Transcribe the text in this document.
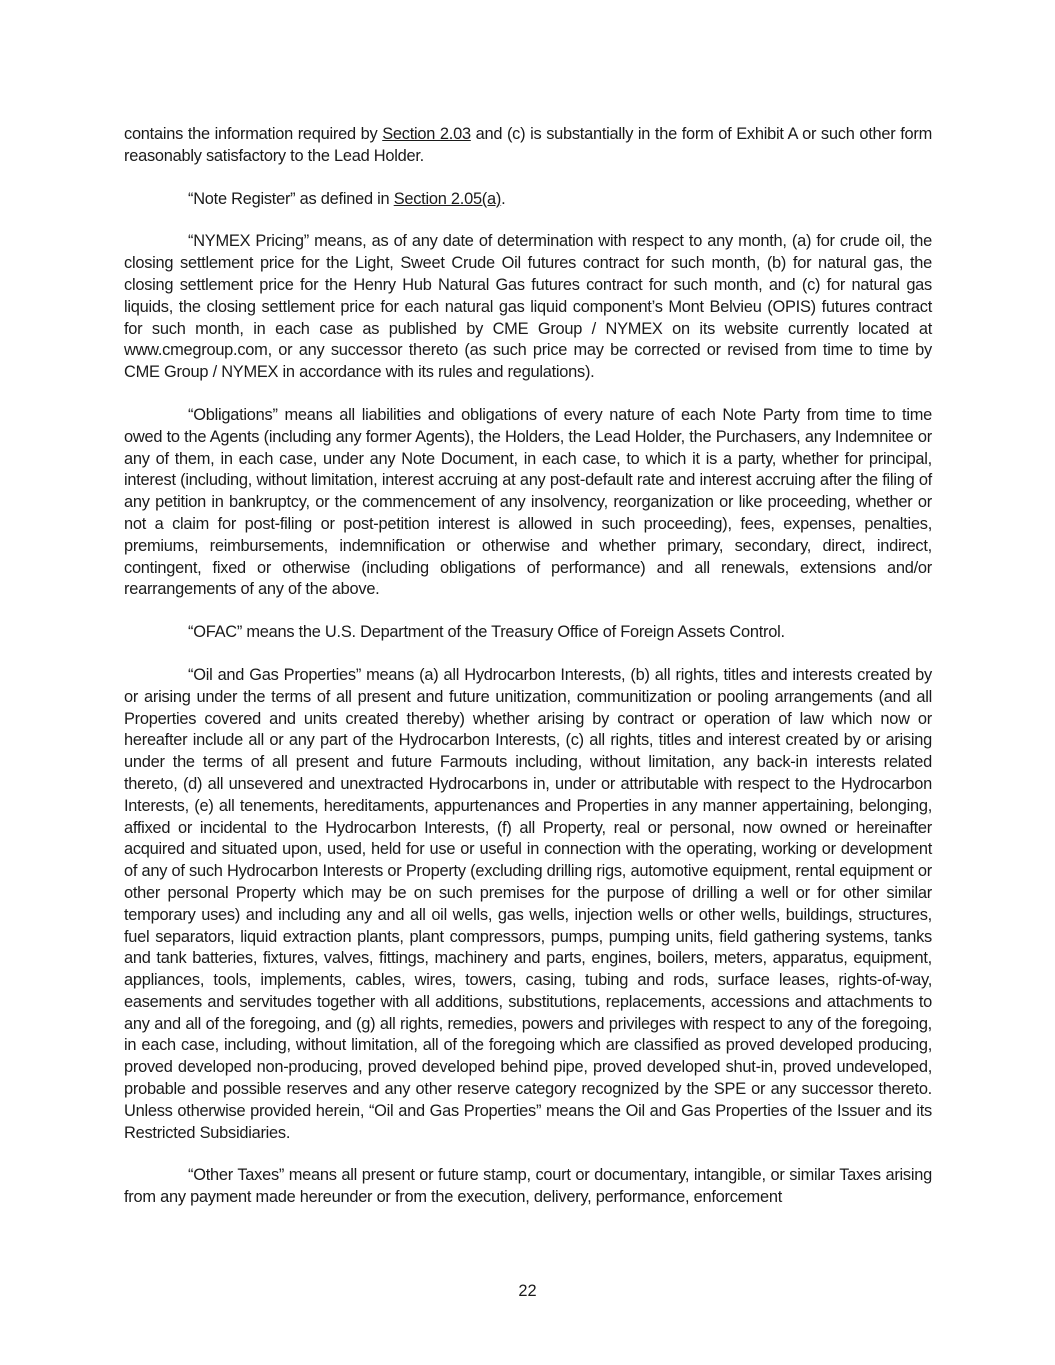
contains the information required by Section 2.03 and (c) is substantially in the form of Exhibit A or such other form reasonably satisfactory to the Lead Holder.

“Note Register” as defined in Section 2.05(a).

“NYMEX Pricing” means, as of any date of determination with respect to any month, (a) for crude oil, the closing settlement price for the Light, Sweet Crude Oil futures contract for such month, (b) for natural gas, the closing settlement price for the Henry Hub Natural Gas futures contract for such month, and (c) for natural gas liquids, the closing settlement price for each natural gas liquid component’s Mont Belvieu (OPIS) futures contract for such month, in each case as published by CME Group / NYMEX on its website currently located at www.cmegroup.com, or any successor thereto (as such price may be corrected or revised from time to time by CME Group / NYMEX in accordance with its rules and regulations).

“Obligations” means all liabilities and obligations of every nature of each Note Party from time to time owed to the Agents (including any former Agents), the Holders, the Lead Holder, the Purchasers, any Indemnitee or any of them, in each case, under any Note Document, in each case, to which it is a party, whether for principal, interest (including, without limitation, interest accruing at any post-default rate and interest accruing after the filing of any petition in bankruptcy, or the commencement of any insolvency, reorganization or like proceeding, whether or not a claim for post-filing or post-petition interest is allowed in such proceeding), fees, expenses, penalties, premiums, reimbursements, indemnification or otherwise and whether primary, secondary, direct, indirect, contingent, fixed or otherwise (including obligations of performance) and all renewals, extensions and/or rearrangements of any of the above.

“OFAC” means the U.S. Department of the Treasury Office of Foreign Assets Control.

“Oil and Gas Properties” means (a) all Hydrocarbon Interests, (b) all rights, titles and interests created by or arising under the terms of all present and future unitization, communitization or pooling arrangements (and all Properties covered and units created thereby) whether arising by contract or operation of law which now or hereafter include all or any part of the Hydrocarbon Interests, (c) all rights, titles and interest created by or arising under the terms of all present and future Farmouts including, without limitation, any back-in interests related thereto, (d) all unsevered and unextracted Hydrocarbons in, under or attributable with respect to the Hydrocarbon Interests, (e) all tenements, hereditaments, appurtenances and Properties in any manner appertaining, belonging, affixed or incidental to the Hydrocarbon Interests, (f) all Property, real or personal, now owned or hereinafter acquired and situated upon, used, held for use or useful in connection with the operating, working or development of any of such Hydrocarbon Interests or Property (excluding drilling rigs, automotive equipment, rental equipment or other personal Property which may be on such premises for the purpose of drilling a well or for other similar temporary uses) and including any and all oil wells, gas wells, injection wells or other wells, buildings, structures, fuel separators, liquid extraction plants, plant compressors, pumps, pumping units, field gathering systems, tanks and tank batteries, fixtures, valves, fittings, machinery and parts, engines, boilers, meters, apparatus, equipment, appliances, tools, implements, cables, wires, towers, casing, tubing and rods, surface leases, rights-of-way, easements and servitudes together with all additions, substitutions, replacements, accessions and attachments to any and all of the foregoing, and (g) all rights, remedies, powers and privileges with respect to any of the foregoing, in each case, including, without limitation, all of the foregoing which are classified as proved developed producing, proved developed non-producing, proved developed behind pipe, proved developed shut-in, proved undeveloped, probable and possible reserves and any other reserve category recognized by the SPE or any successor thereto. Unless otherwise provided herein, “Oil and Gas Properties” means the Oil and Gas Properties of the Issuer and its Restricted Subsidiaries.

“Other Taxes” means all present or future stamp, court or documentary, intangible, or similar Taxes arising from any payment made hereunder or from the execution, delivery, performance, enforcement

22
